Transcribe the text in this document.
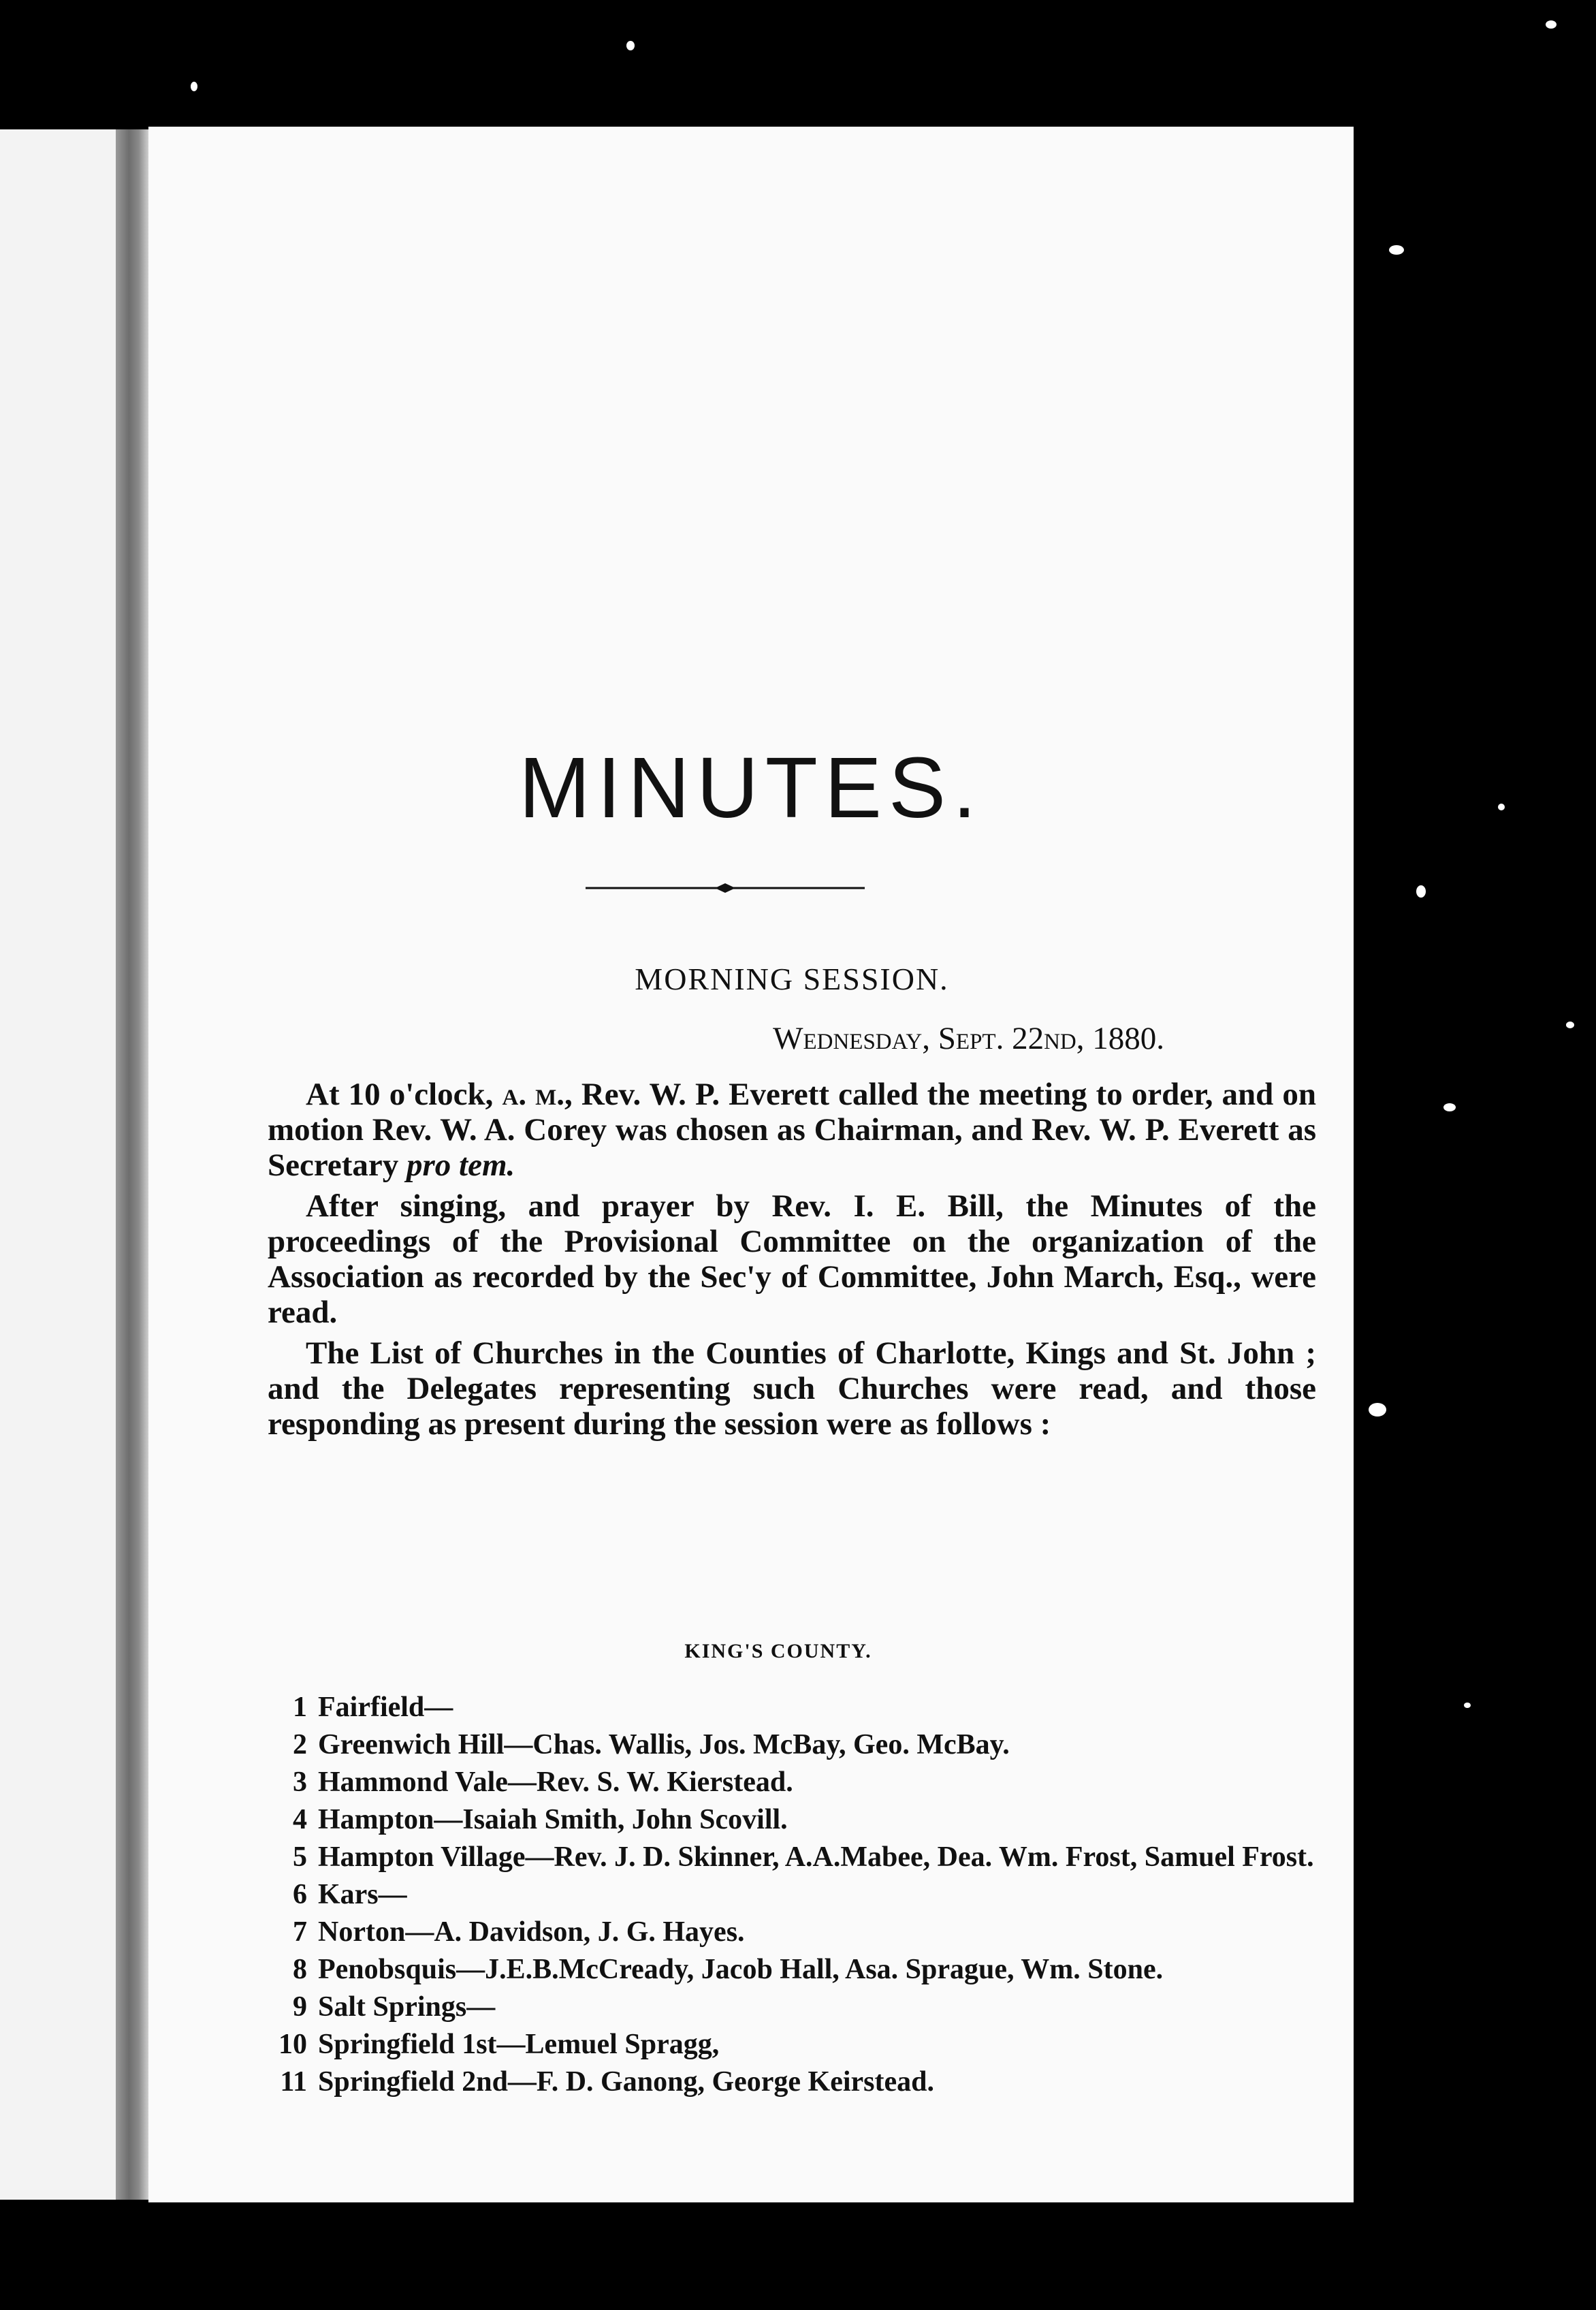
MINUTES.
MORNING SESSION.
Wednesday, Sept. 22nd, 1880.

At 10 o'clock, a. m., Rev. W. P. Everett called the meeting to order, and on motion Rev. W. A. Corey was chosen as Chairman, and Rev. W. P. Everett as Secretary pro tem.

After singing, and prayer by Rev. I. E. Bill, the Minutes of the proceedings of the Provisional Committee on the organization of the Association as recorded by the Sec'y of Committee, John March, Esq., were read.

The List of Churches in the Counties of Charlotte, Kings and St. John ; and the Delegates representing such Churches were read, and those responding as present during the session were as follows :

KING'S COUNTY.
1 Fairfield—
2 Greenwich Hill—Chas. Wallis, Jos. McBay, Geo. McBay.
3 Hammond Vale—Rev. S. W. Kierstead.
4 Hampton—Isaiah Smith, John Scovill.
5 Hampton Village—Rev. J. D. Skinner, A.A.Mabee, Dea. Wm. Frost, Samuel Frost.
6 Kars—
7 Norton—A. Davidson, J. G. Hayes.
8 Penobsquis—J.E.B.McCready, Jacob Hall, Asa. Sprague, Wm. Stone.
9 Salt Springs—
10 Springfield 1st—Lemuel Spragg,
11 Springfield 2nd—F. D. Ganong, George Keirstead.
